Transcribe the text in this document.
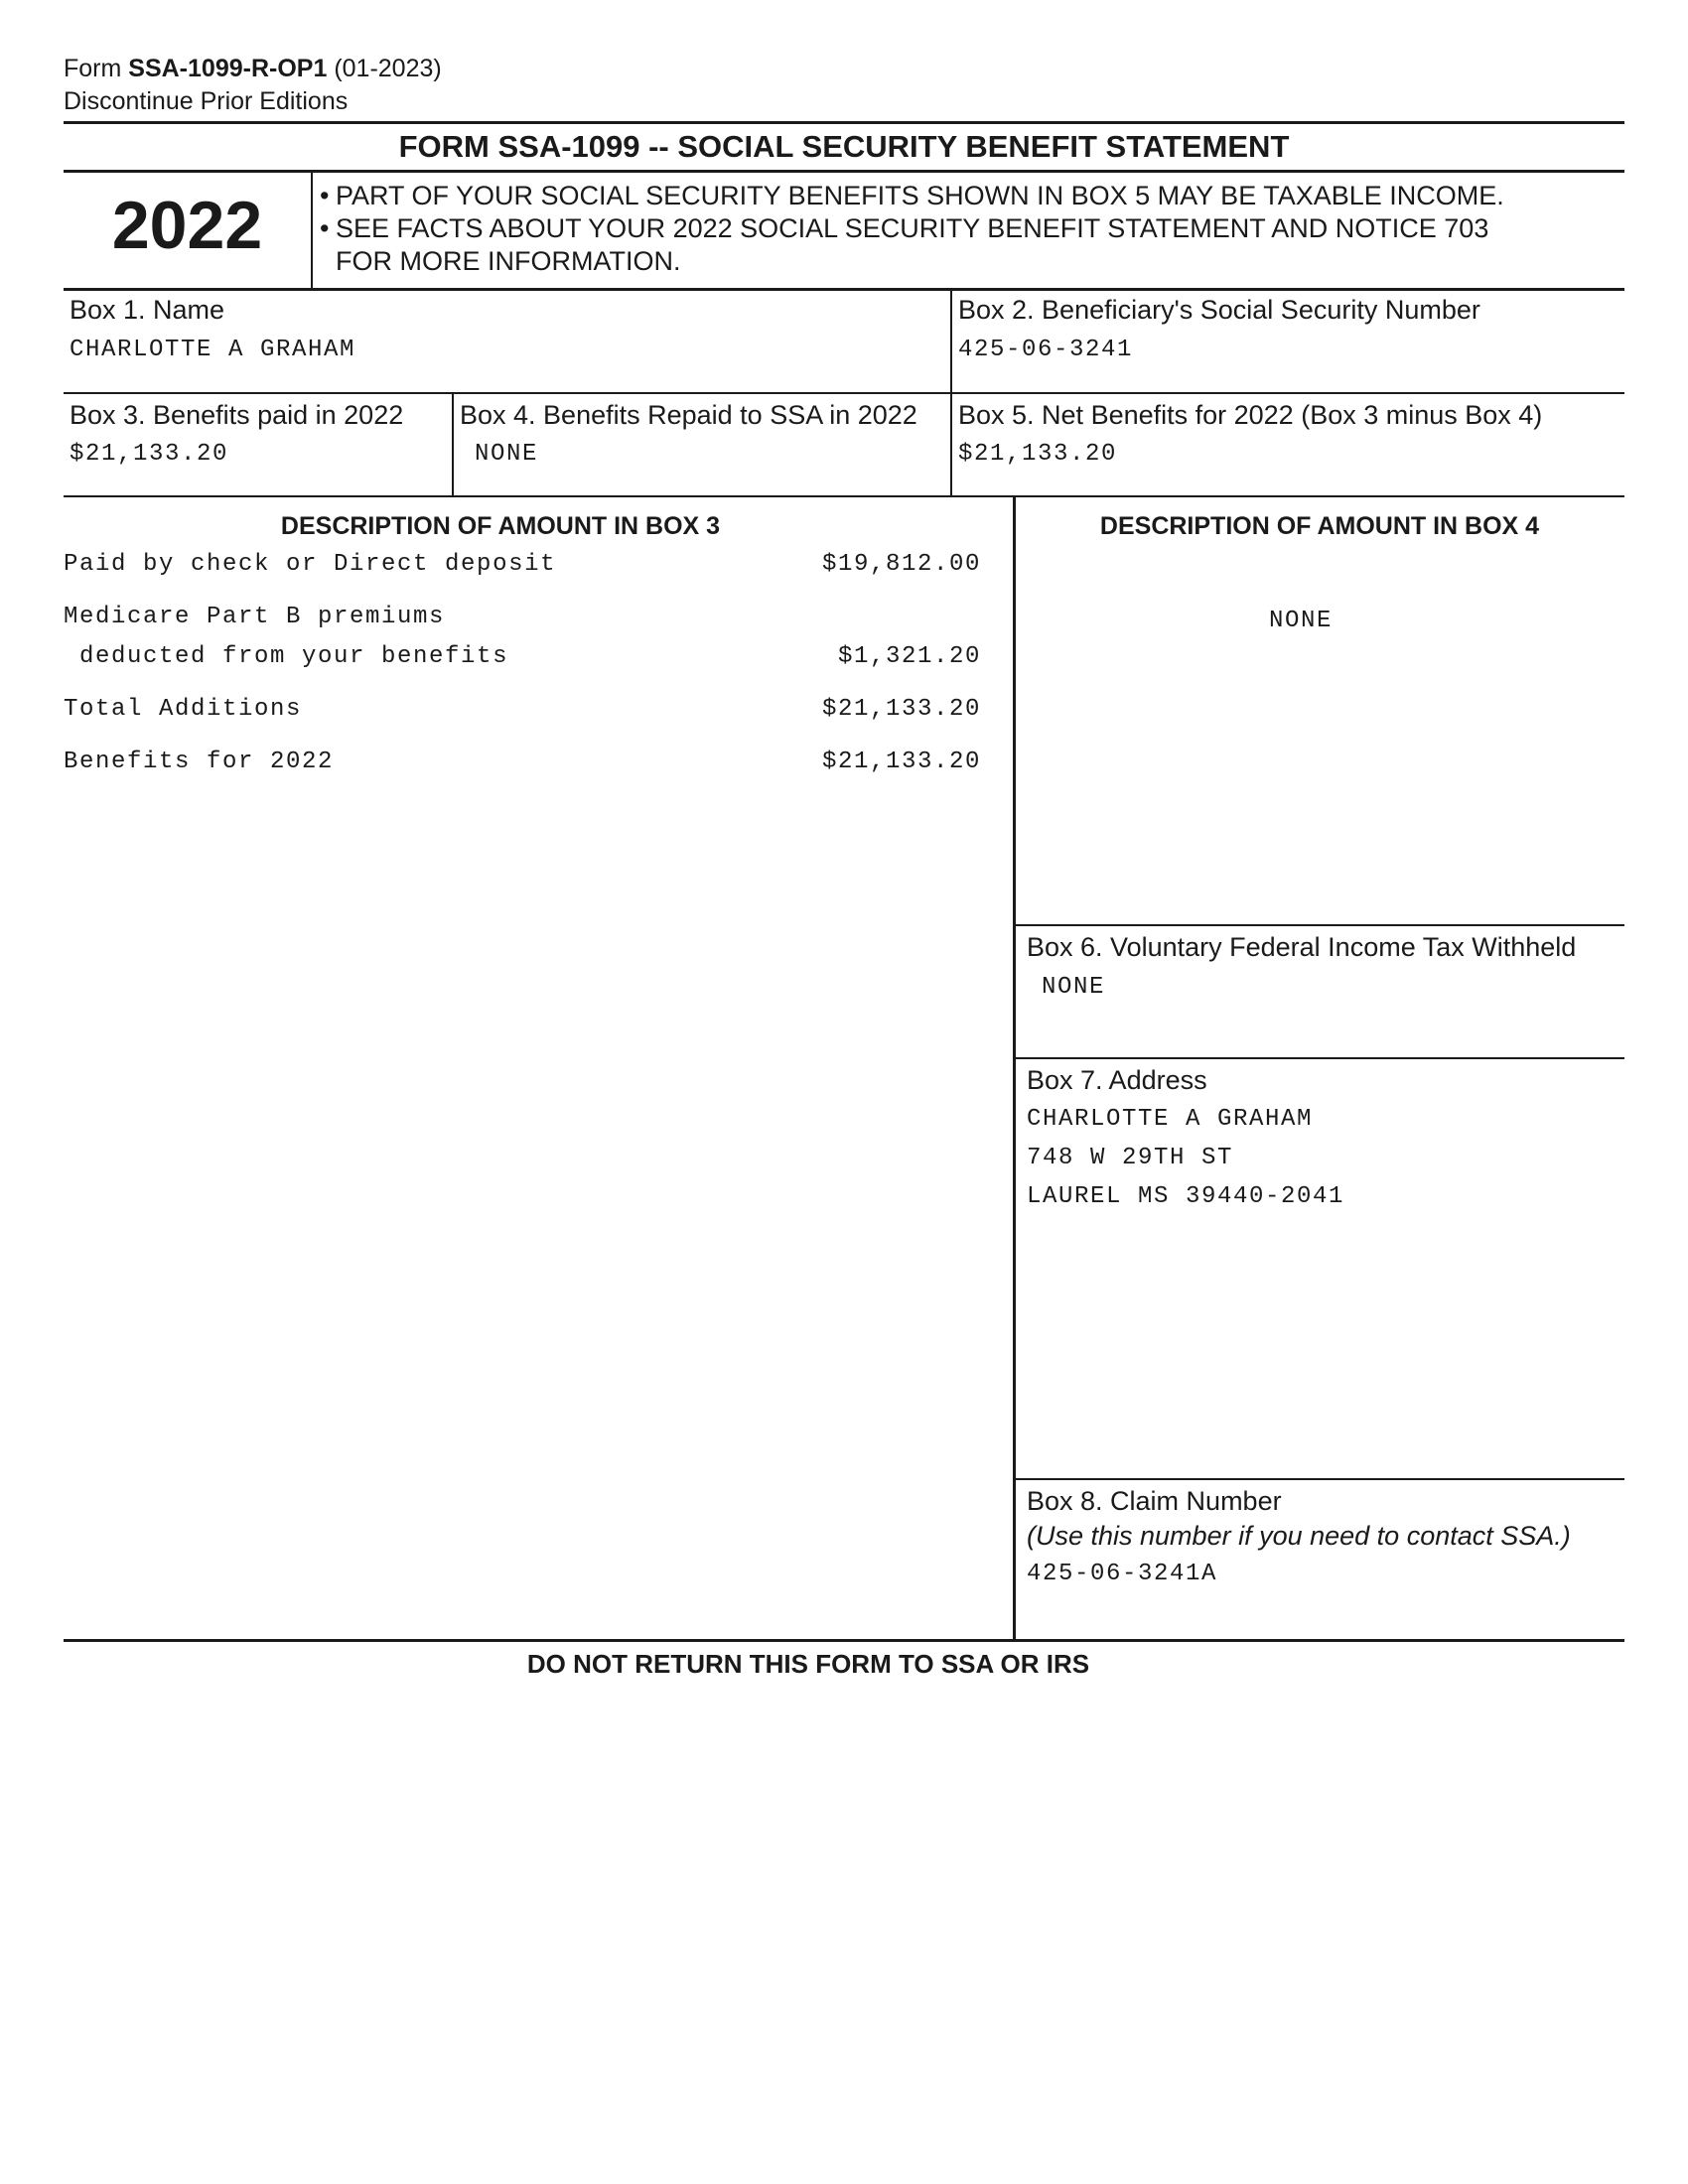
Form SSA-1099-R-OP1 (01-2023)
Discontinue Prior Editions
FORM SSA-1099 -- SOCIAL SECURITY BENEFIT STATEMENT
2022	• PART OF YOUR SOCIAL SECURITY BENEFITS SHOWN IN BOX 5 MAY BE TAXABLE INCOME.
• SEE FACTS ABOUT YOUR 2022 SOCIAL SECURITY BENEFIT STATEMENT AND NOTICE 703
FOR MORE INFORMATION.
Box 1. Name
CHARLOTTE A GRAHAM
Box 2. Beneficiary's Social Security Number
425-06-3241
Box 3. Benefits paid in 2022
$21,133.20
Box 4. Benefits Repaid to SSA in 2022
NONE
Box 5. Net Benefits for 2022 (Box 3 minus Box 4)
$21,133.20
DESCRIPTION OF AMOUNT IN BOX 3
Paid by check or Direct deposit	$19,812.00
Medicare Part B premiums
deducted from your benefits	$1,321.20
Total Additions	$21,133.20
Benefits for 2022	$21,133.20
DESCRIPTION OF AMOUNT IN BOX 4
NONE
Box 6. Voluntary Federal Income Tax Withheld
NONE
Box 7. Address
CHARLOTTE A GRAHAM
748 W 29TH ST
LAUREL MS 39440-2041
Box 8. Claim Number
(Use this number if you need to contact SSA.)
425-06-3241A
DO NOT RETURN THIS FORM TO SSA OR IRS
